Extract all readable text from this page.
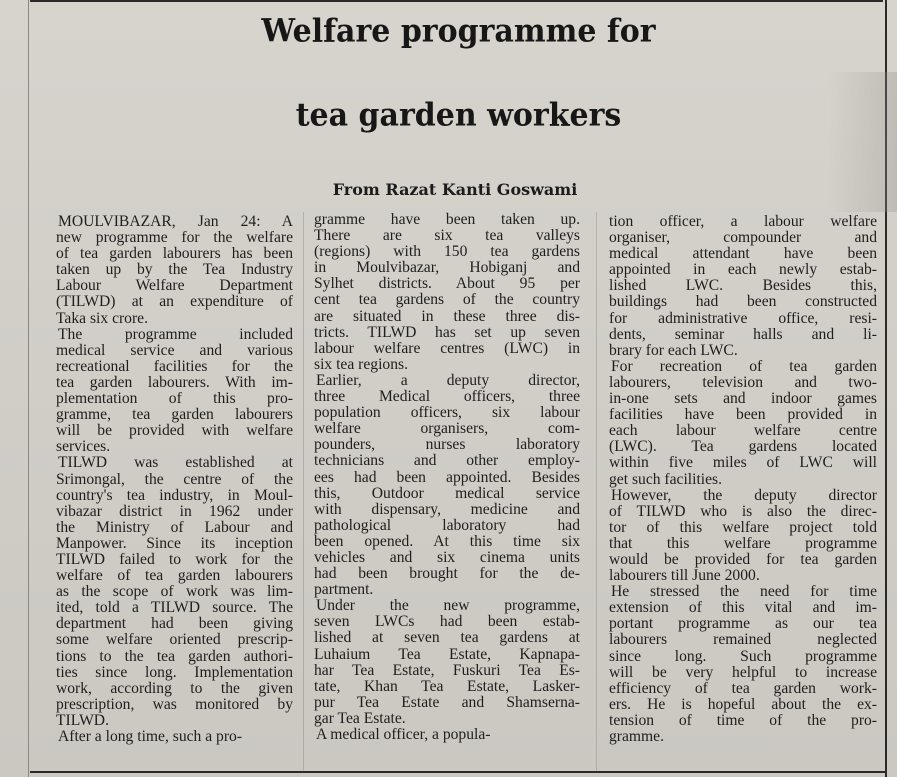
Welfare programme for
tea garden workers
From Razat Kanti Goswami
MOULVIBAZAR, Jan 24: A
new programme for the welfare
of tea garden labourers has been
taken up by the Tea Industry
Labour Welfare Department
(TILWD) at an expenditure of
Taka six crore.
The programme included
medical service and various
recreational facilities for the
tea garden labourers. With im-
plementation of this pro-
gramme, tea garden labourers
will be provided with welfare
services.
TILWD was established at
Srimongal, the centre of the
country's tea industry, in Moul-
vibazar district in 1962 under
the Ministry of Labour and
Manpower. Since its inception
TILWD failed to work for the
welfare of tea garden labourers
as the scope of work was lim-
ited, told a TILWD source. The
department had been giving
some welfare oriented prescrip-
tions to the tea garden authori-
ties since long. Implementation
work, according to the given
prescription, was monitored by
TILWD.
After a long time, such a pro-
gramme have been taken up.
There are six tea valleys
(regions) with 150 tea gardens
in Moulvibazar, Hobiganj and
Sylhet districts. About 95 per
cent tea gardens of the country
are situated in these three dis-
tricts. TILWD has set up seven
labour welfare centres (LWC) in
six tea regions.
Earlier, a deputy director,
three Medical officers, three
population officers, six labour
welfare organisers, com-
pounders, nurses laboratory
technicians and other employ-
ees had been appointed. Besides
this, Outdoor medical service
with dispensary, medicine and
pathological laboratory had
been opened. At this time six
vehicles and six cinema units
had been brought for the de-
partment.
Under the new programme,
seven LWCs had been estab-
lished at seven tea gardens at
Luhaium Tea Estate, Kapnapa-
har Tea Estate, Fuskuri Tea Es-
tate, Khan Tea Estate, Lasker-
pur Tea Estate and Shamserna-
gar Tea Estate.
A medical officer, a popula-
tion officer, a labour welfare
organiser, compounder and
medical attendant have been
appointed in each newly estab-
lished LWC. Besides this,
buildings had been constructed
for administrative office, resi-
dents, seminar halls and li-
brary for each LWC.
For recreation of tea garden
labourers, television and two-
in-one sets and indoor games
facilities have been provided in
each labour welfare centre
(LWC). Tea gardens located
within five miles of LWC will
get such facilities.
However, the deputy director
of TILWD who is also the direc-
tor of this welfare project told
that this welfare programme
would be provided for tea garden
labourers till June 2000.
He stressed the need for time
extension of this vital and im-
portant programme as our tea
labourers remained neglected
since long. Such programme
will be very helpful to increase
efficiency of tea garden work-
ers. He is hopeful about the ex-
tension of time of the pro-
gramme.
